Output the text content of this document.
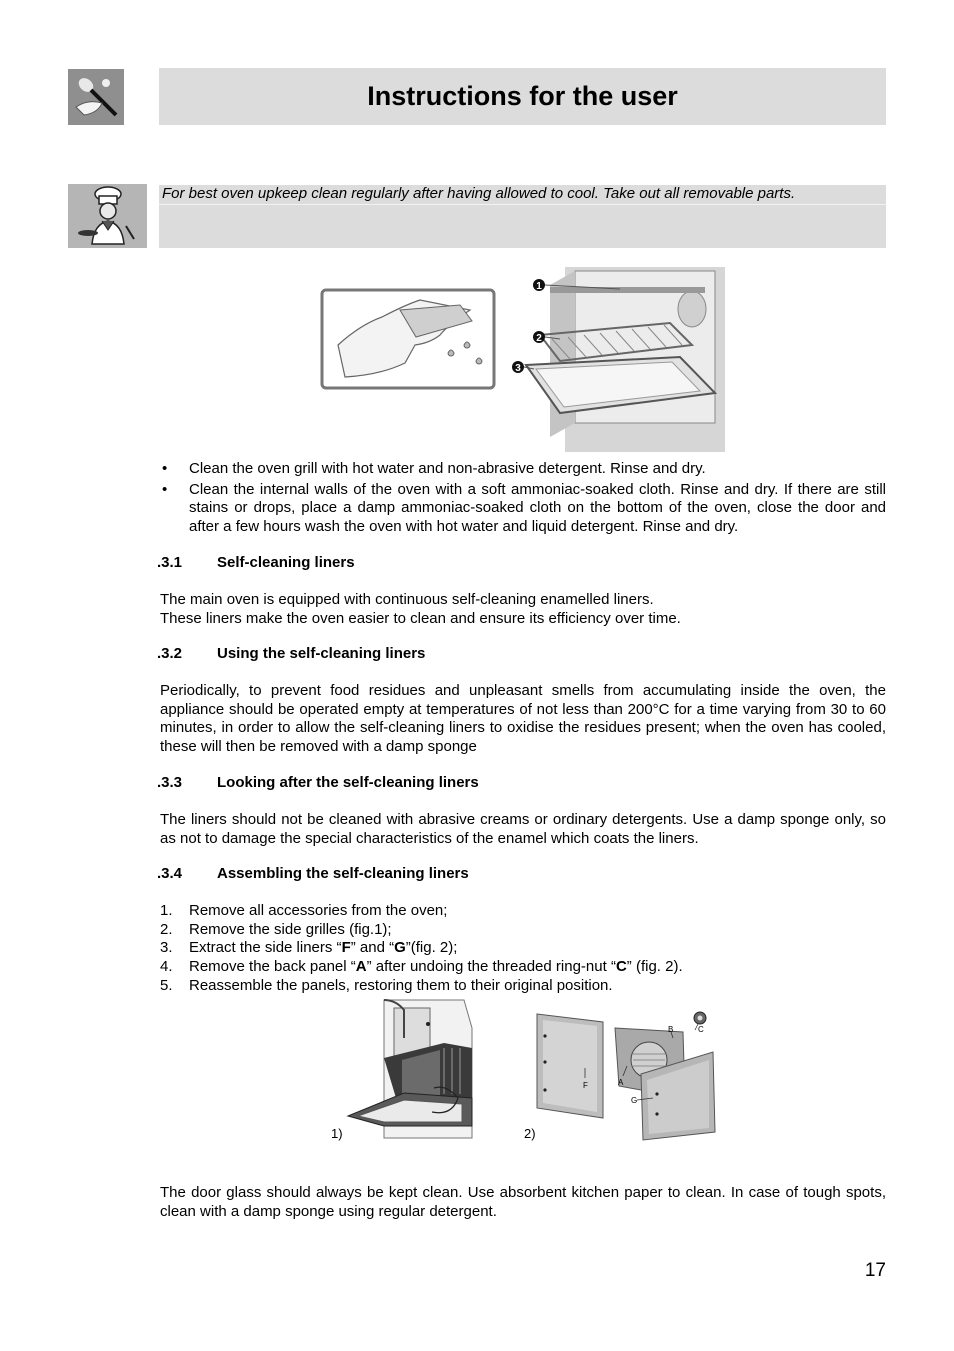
Instructions for the user
For best oven upkeep clean regularly after having allowed to cool. Take out all removable parts.
1
2
3
• Clean the oven grill with hot water and non-abrasive detergent. Rinse and dry.
• Clean the internal walls of the oven with a soft ammoniac-soaked cloth. Rinse and dry. If there are still stains or drops, place a damp ammoniac-soaked cloth on the bottom of the oven, close the door and after a few hours wash the oven with hot water and liquid detergent. Rinse and dry.
.3.1 Self-cleaning liners
The main oven is equipped with continuous self-cleaning enamelled liners.
These liners make the oven easier to clean and ensure its efficiency over time.
.3.2 Using the self-cleaning liners
Periodically, to prevent food residues and unpleasant smells from accumulating inside the oven, the appliance should be operated empty at temperatures of not less than 200°C for a time varying from 30 to 60 minutes, in order to allow the self-cleaning liners to oxidise the residues present; when the oven has cooled, these will then be removed with a damp sponge
.3.3 Looking after the self-cleaning liners
The liners should not be cleaned with abrasive creams or ordinary detergents. Use a damp sponge only, so as not to damage the special characteristics of the enamel which coats the liners.
.3.4 Assembling the self-cleaning liners
1. Remove all accessories from the oven;
2. Remove the side grilles (fig.1);
3. Extract the side liners “F” and “G”(fig. 2);
4. Remove the back panel “A” after undoing the threaded ring-nut “C” (fig. 2).
5. Reassemble the panels, restoring them to their original position.
1)
B	C
F	A
G
2)
The door glass should always be kept clean. Use absorbent kitchen paper to clean. In case of tough spots, clean with a damp sponge using regular detergent.
17
